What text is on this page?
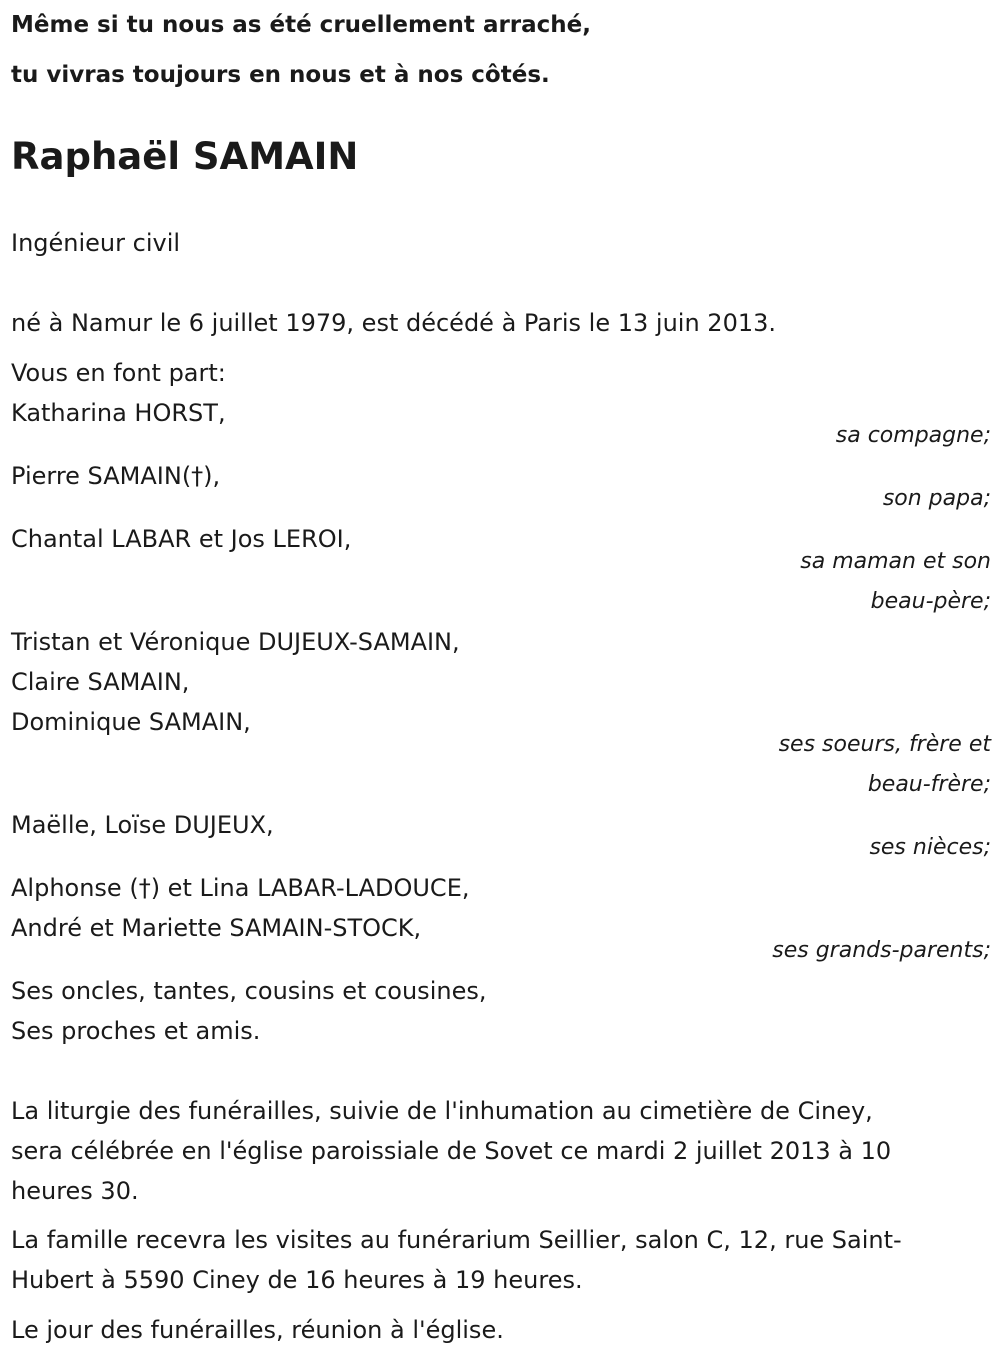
Même si tu nous as été cruellement arraché,
tu vivras toujours en nous et à nos côtés.
Raphaël SAMAIN
Ingénieur civil
né à Namur le 6 juillet 1979, est décédé à Paris le 13 juin 2013.
Vous en font part:
Katharina HORST,
sa compagne;
Pierre SAMAIN(†),
son papa;
Chantal LABAR et Jos LEROI,
sa maman et son
beau-père;
Tristan et Véronique DUJEUX-SAMAIN,
Claire SAMAIN,
Dominique SAMAIN,
ses soeurs, frère et
beau-frère;
Maëlle, Loïse DUJEUX,
ses nièces;
Alphonse (†) et Lina LABAR-LADOUCE,
André et Mariette SAMAIN-STOCK,
ses grands-parents;
Ses oncles, tantes, cousins et cousines,
Ses proches et amis.
La liturgie des funérailles, suivie de l'inhumation au cimetière de Ciney,
sera célébrée en l'église paroissiale de Sovet ce mardi 2 juillet 2013 à 10
heures 30.
La famille recevra les visites au funérarium Seillier, salon C, 12, rue Saint-
Hubert à 5590 Ciney de 16 heures à 19 heures.
Le jour des funérailles, réunion à l'église.
